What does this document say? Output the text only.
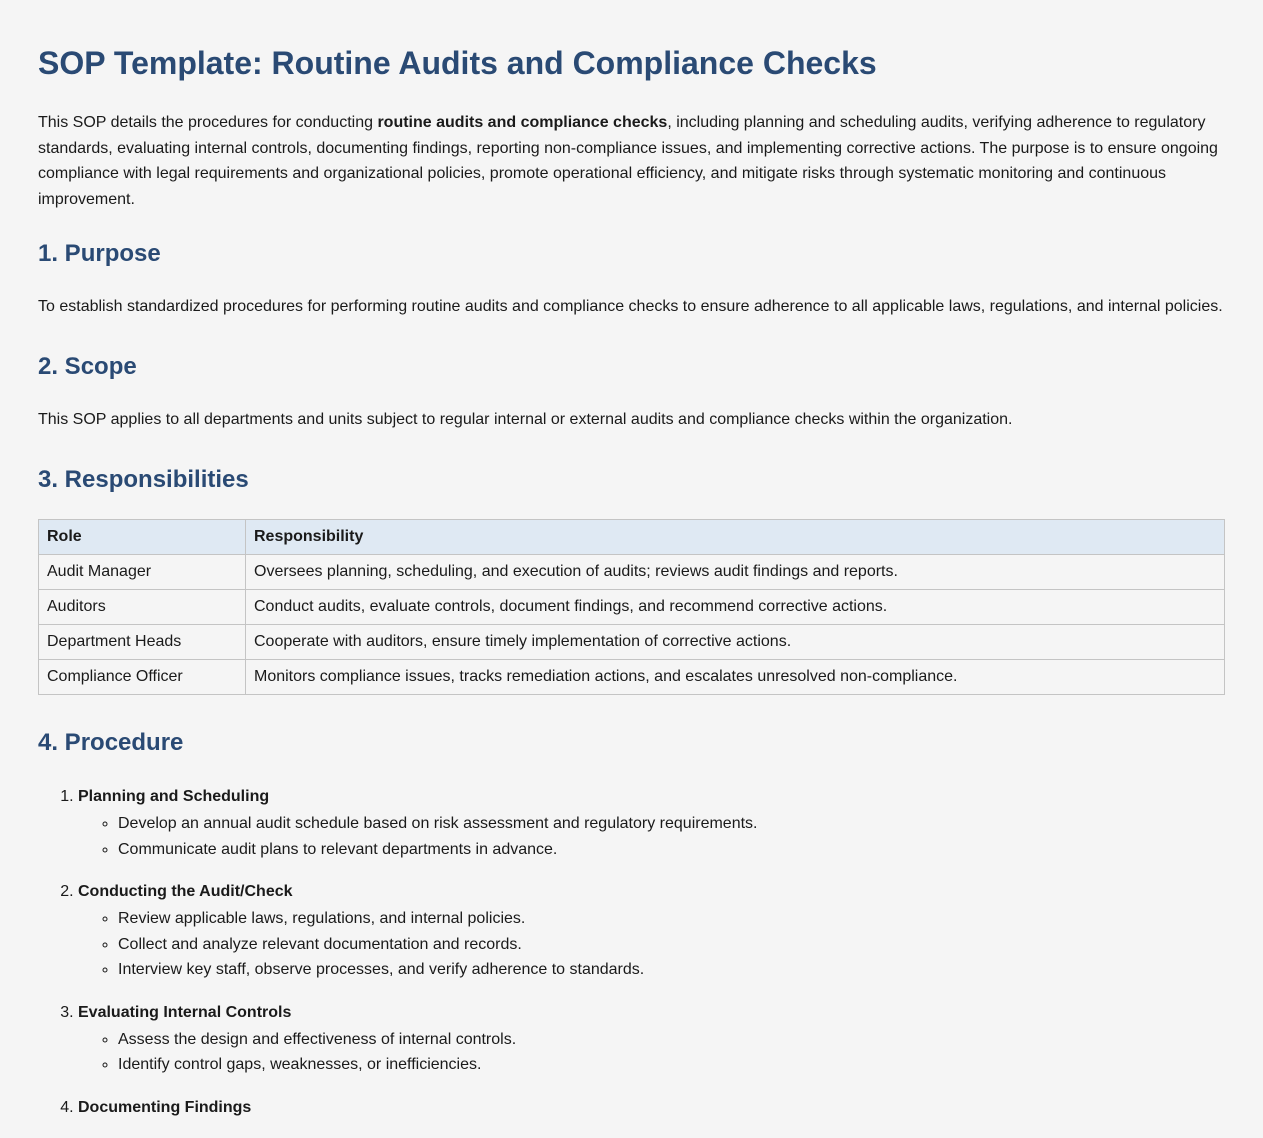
SOP Template: Routine Audits and Compliance Checks

This SOP details the procedures for conducting routine audits and compliance checks, including planning and scheduling audits, verifying adherence to regulatory standards, evaluating internal controls, documenting findings, reporting non-compliance issues, and implementing corrective actions. The purpose is to ensure ongoing compliance with legal requirements and organizational policies, promote operational efficiency, and mitigate risks through systematic monitoring and continuous improvement.

1. Purpose

To establish standardized procedures for performing routine audits and compliance checks to ensure adherence to all applicable laws, regulations, and internal policies.

2. Scope

This SOP applies to all departments and units subject to regular internal or external audits and compliance checks within the organization.

3. Responsibilities
Role	Responsibility
Audit Manager	Oversees planning, scheduling, and execution of audits; reviews audit findings and reports.
Auditors	Conduct audits, evaluate controls, document findings, and recommend corrective actions.
Department Heads	Cooperate with auditors, ensure timely implementation of corrective actions.
Compliance Officer	Monitors compliance issues, tracks remediation actions, and escalates unresolved non-compliance.
4. Procedure
1. Planning and Scheduling
◦ Develop an annual audit schedule based on risk assessment and regulatory requirements.
◦ Communicate audit plans to relevant departments in advance.
2. Conducting the Audit/Check
◦ Review applicable laws, regulations, and internal policies.
◦ Collect and analyze relevant documentation and records.
◦ Interview key staff, observe processes, and verify adherence to standards.
3. Evaluating Internal Controls
◦ Assess the design and effectiveness of internal controls.
◦ Identify control gaps, weaknesses, or inefficiencies.
4. Documenting Findings
